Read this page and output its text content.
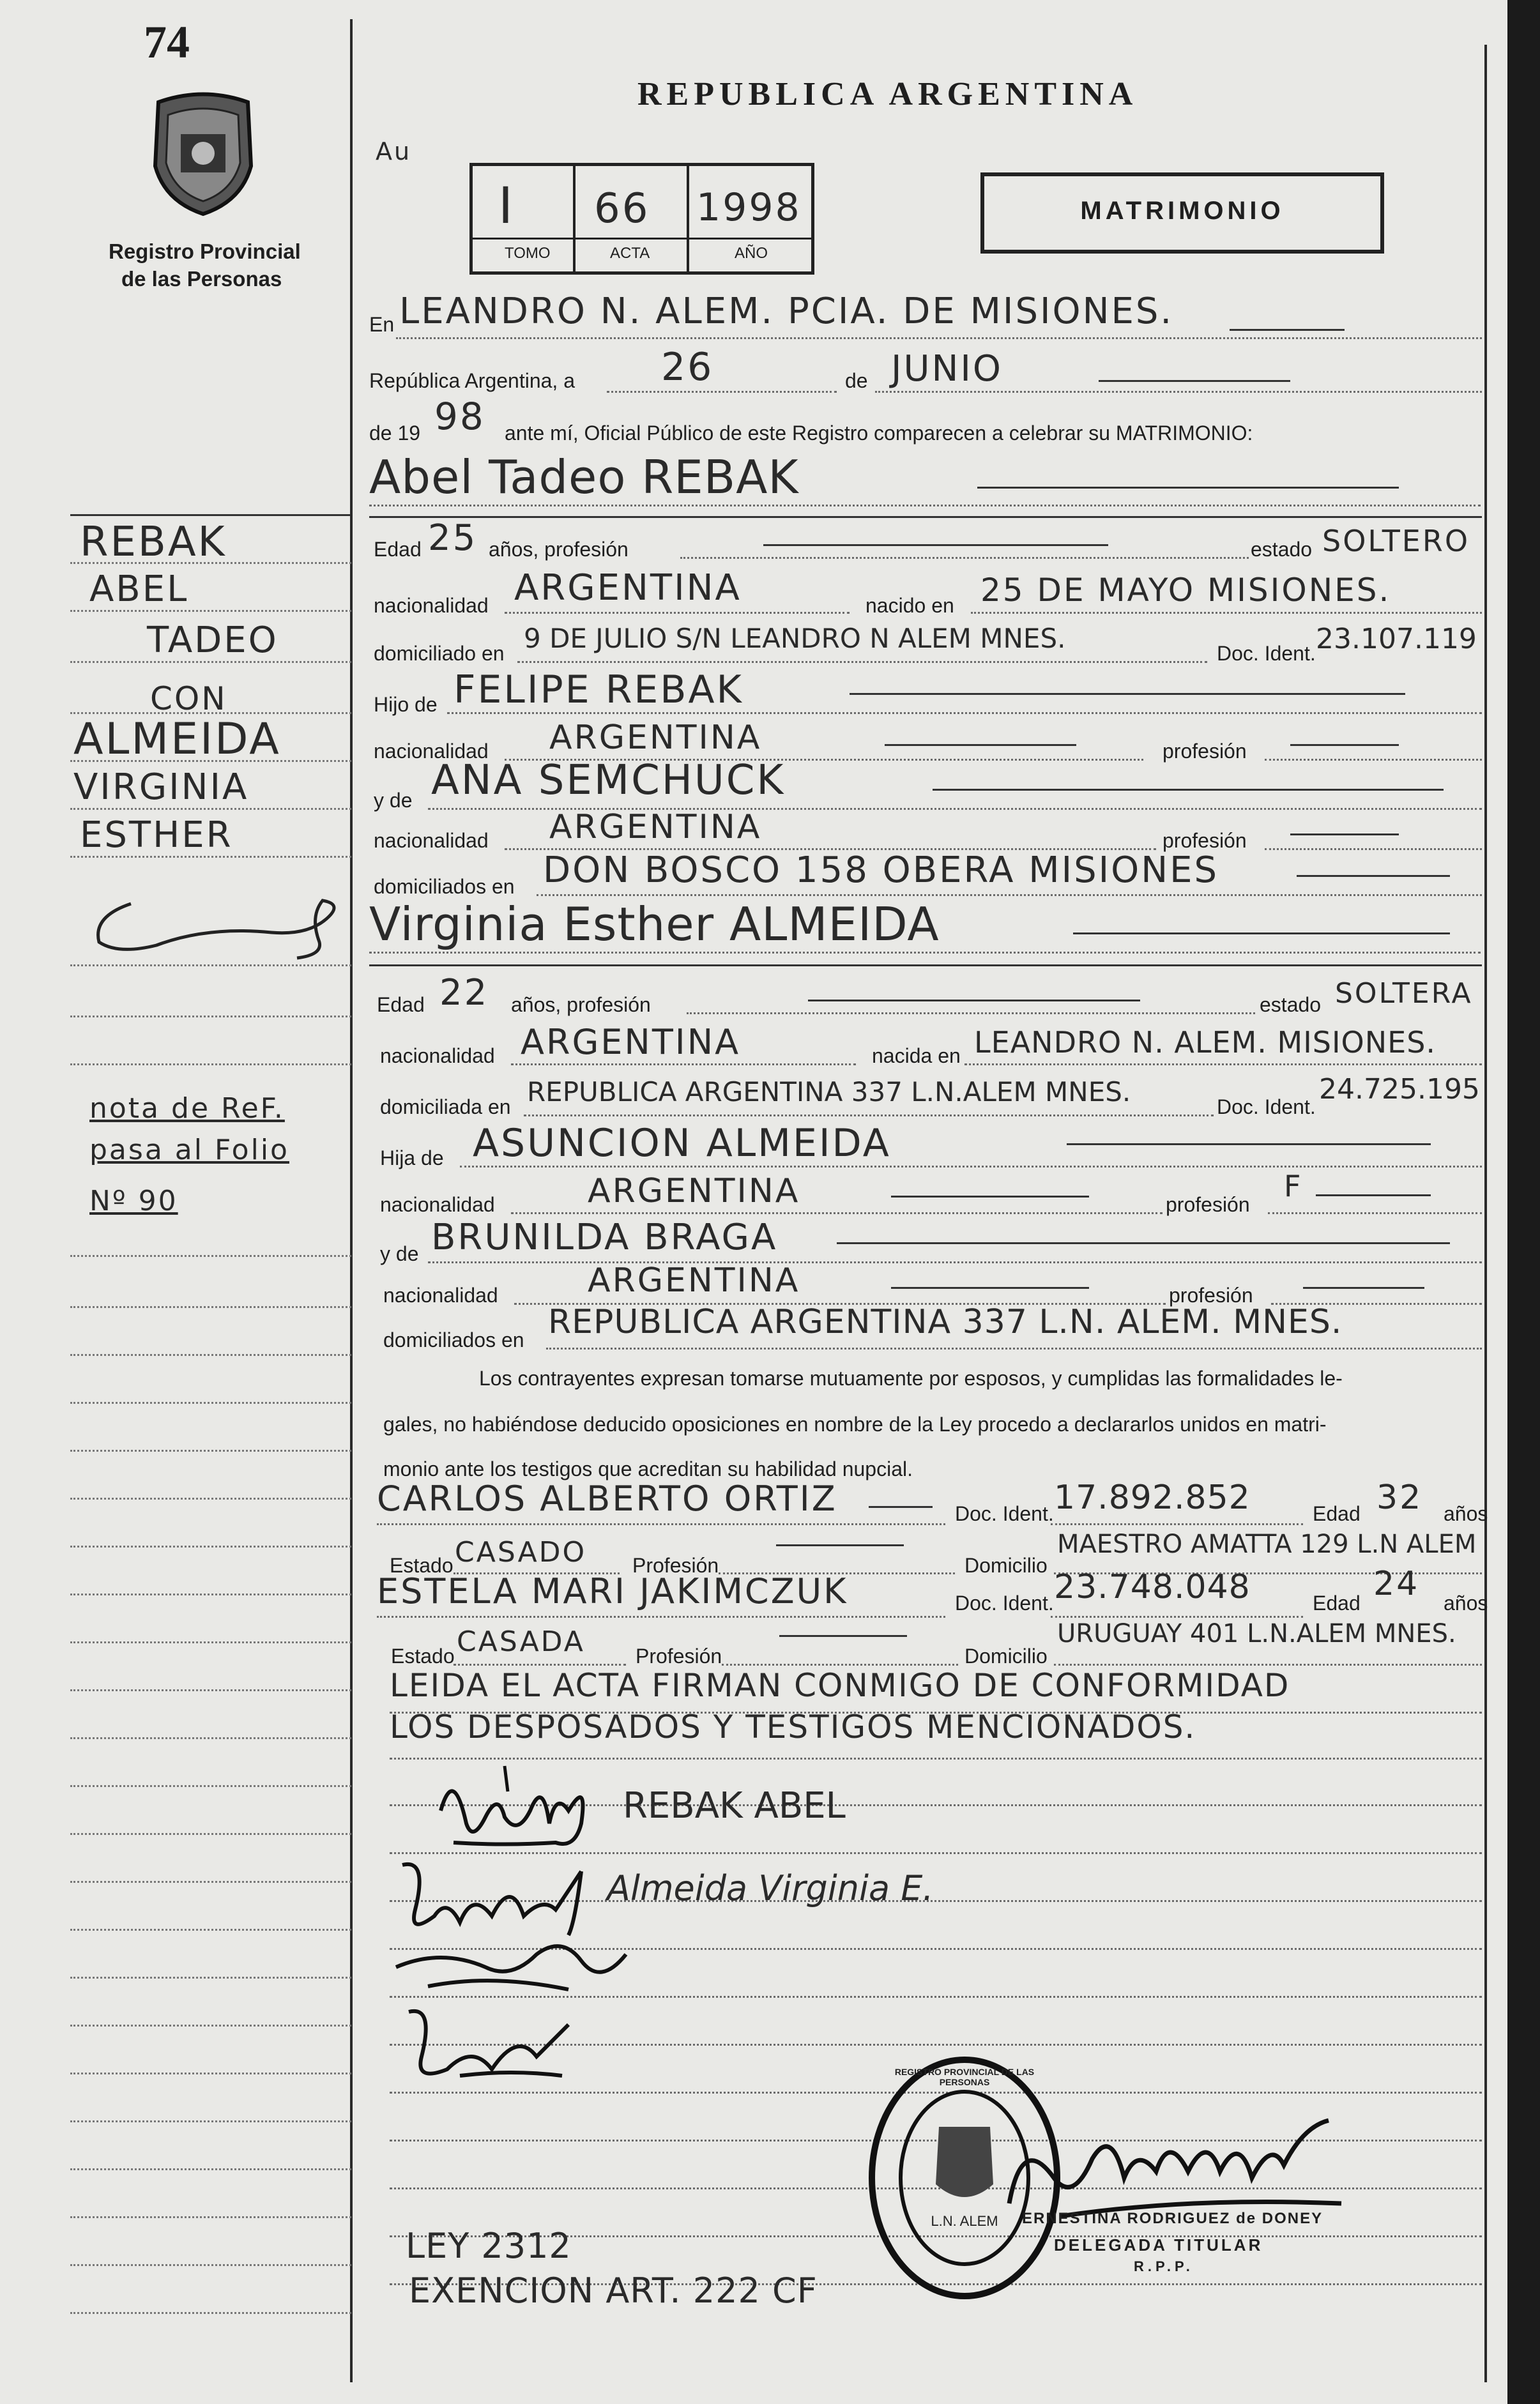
74
Registro Provincial
de las Personas
REPUBLICA ARGENTINA
Au
I
TOMO
66
ACTA
1998
AÑO
MATRIMONIO
REBAK
ABEL
TADEO
CON
ALMEIDA
VIRGINIA
ESTHER
nota de ReF.
pasa al Folio
Nº 90
En LEANDRO N. ALEM. PCIA. DE MISIONES.
República Argentina, a 26	de JUNIO
de 19 98 ante mí, Oficial Público de este Registro comparecen a celebrar su MATRIMONIO:
Abel Tadeo REBAK
Edad 25 años, profesión	estado SOLTERO
nacionalidad ARGENTINA	nacido en 25 DE MAYO MISIONES.
domiciliado en 9 DE JULIO S/N LEANDRO N ALEM MNES.	Doc. Ident. 23.107.119
Hijo de FELIPE REBAK
nacionalidad ARGENTINA	profesión
y de ANA SEMCHUCK
nacionalidad ARGENTINA	profesión
domiciliados en DON BOSCO 158 OBERA MISIONES
Virginia Esther ALMEIDA
Edad 22 años, profesión	estado SOLTERA
nacionalidad ARGENTINA	nacida en LEANDRO N. ALEM. MISIONES.
domiciliada en REPUBLICA ARGENTINA 337 L.N.ALEM MNES.	Doc. Ident.
24.725.195
Hija de ASUNCION ALMEIDA
nacionalidad	ARGENTINA	profesión
F
y de BRUNILDA BRAGA
nacionalidad	ARGENTINA	profesión
domiciliados en REPUBLICA ARGENTINA 337 L.N. ALEM. MNES.
Los contrayentes expresan tomarse mutuamente por esposos, y cumplidas las formalidades le-
gales, no habiéndose deducido oposiciones en nombre de la Ley procedo a declararlos unidos en matri-
monio ante los testigos que acreditan su habilidad nupcial.
CARLOS ALBERTO ORTIZ	Doc. Ident. 17.892.852	Edad 32 años
Estado CASADO Profesión	Domicilio
MAESTRO AMATTA 129 L.N ALEM
ESTELA MARI JAKIMCZUK	Doc. Ident. 23.748.048	Edad 24 años
Estado CASADA Profesión	Domicilio
URUGUAY 401 L.N.ALEM MNES.
LEIDA EL ACTA FIRMAN CONMIGO DE CONFORMIDAD
LOS DESPOSADOS Y TESTIGOS MENCIONADOS.
REBAK ABEL
Almeida Virginia E.
REGISTRO PROVINCIAL DE LAS PERSONAS
L.N. ALEM	ERNESTINA RODRIGUEZ de DONEY
DELEGADA TITULAR
R.P.P.
LEY 2312
EXENCION ART. 222 CF
